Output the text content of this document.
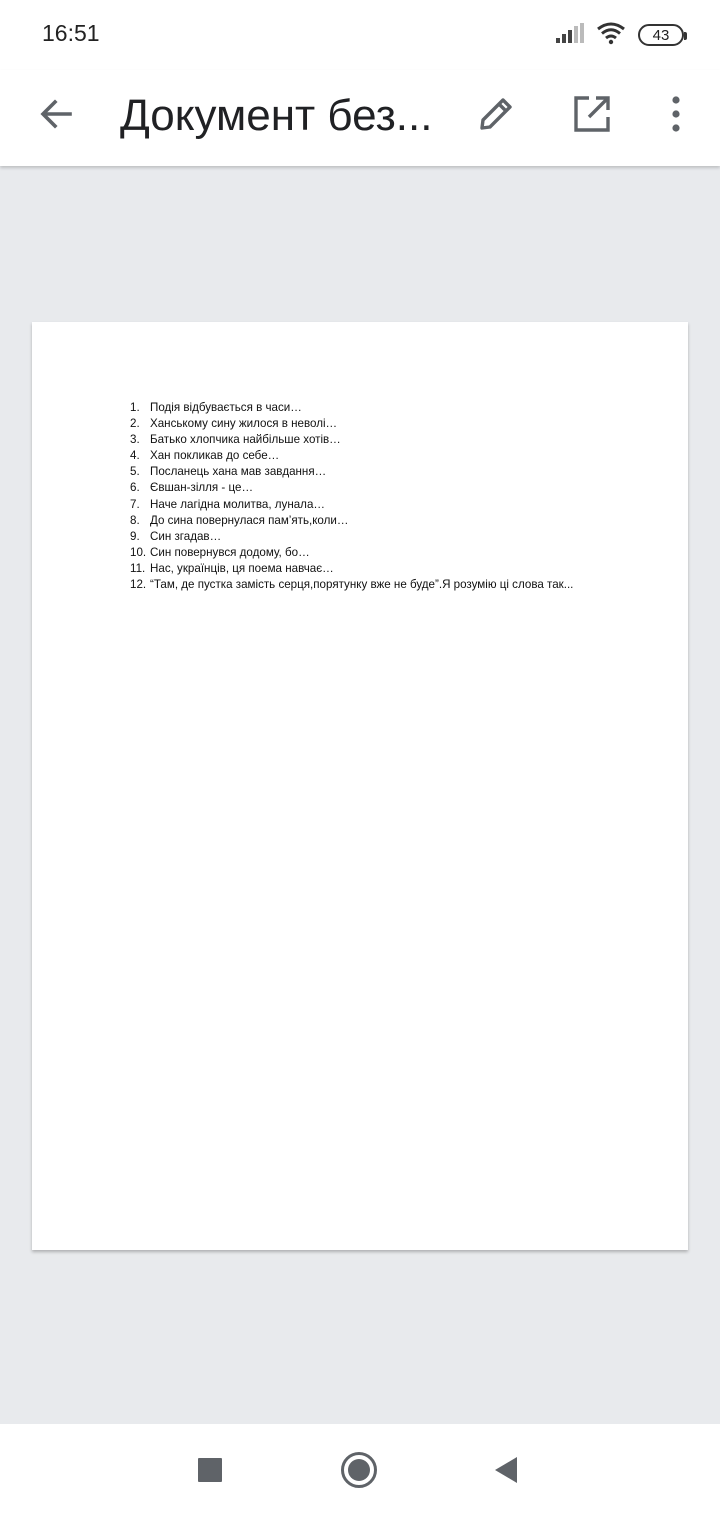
16:51	43
Документ без...
1. Подія відбувається в часи…
2. Ханському сину жилося в неволі…
3. Батько хлопчика найбільше хотів…
4. Хан покликав до себе…
5. Посланець хана мав завдання…
6. Євшан-зілля - це…
7. Наче лагідна молитва, лунала…
8. До сина повернулася пам’ять,коли…
9. Син згадав…
10. Син повернувся додому, бо…
11. Нас, українців, ця поема навчає…
12. “Там, де пустка замість серця,порятунку вже не буде”.Я розумію ці слова так...
